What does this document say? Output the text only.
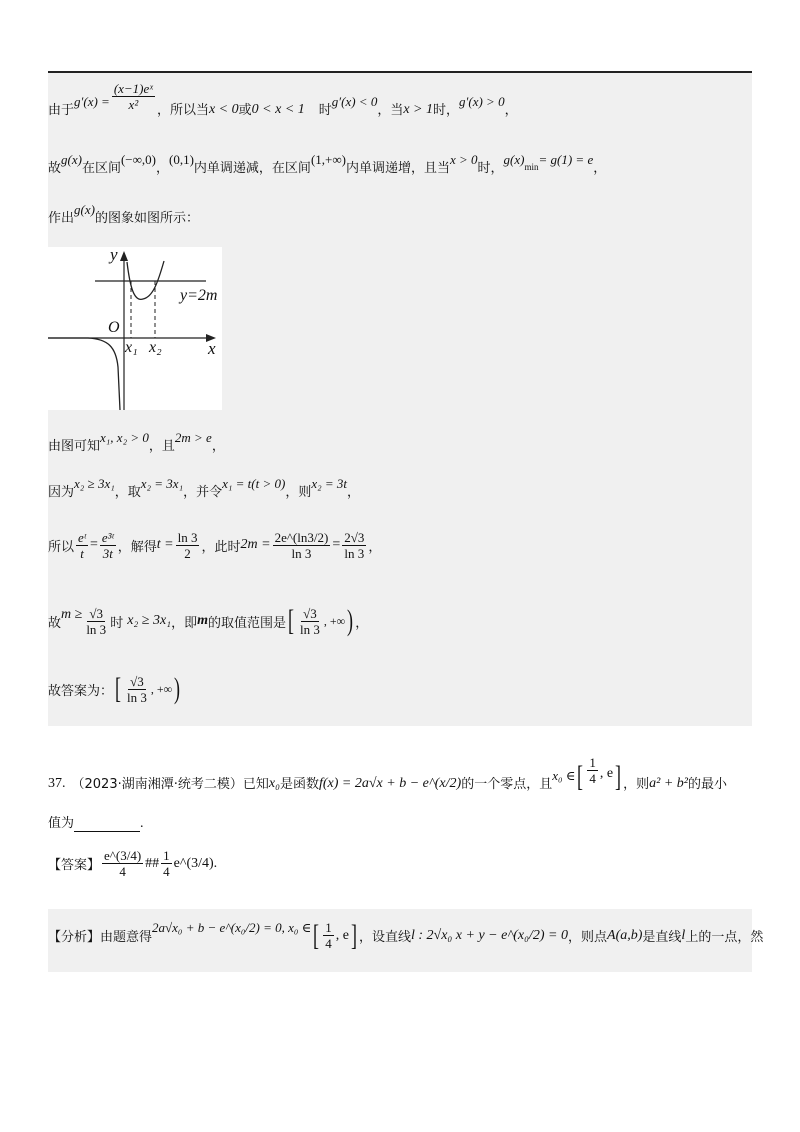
由于
$g'(x) = \frac{\text{(x−1)eˣ}}{\text{x²}}$ ，所以当 x < 0 或 0 < x < 1 时
g′(x) < 0
，当 x > 1 时，
g′(x) > 0
，
故
g(x)
在区间
(−∞,0)
，
(0,1)
内单调递减，在区间
(1,+∞)
内单调递增，且当
x > 0
时，
g(x) min = g(1) = e
，
作出
g(x)
的图象如图所示：
y
x
O
x₁ x₂
y=2m
由图可知
x₁, x₂ > 0
，且
2m > e
，
因为
x₂ ≥ 3x₁
，取
x₂ = 3x₁
，并令
x₁ = t(t > 0)
，则
x₂ = 3t
，
所以 $\frac{\text{eᵗ}}{t} = \frac{\text{e³ᵗ}}{3t}$ ，解得 $t = \frac{\ln 3}{2}$ ，此时 $2m = \frac{2e\^{}(\ln 3/2)}{\ln 3} = \frac{2√3}{\ln 3}$ ，
故
$m \ge \frac{√3}{\ln 3}$ 时 x₂ ≥ 3x₁ ，即 m 的取值范围是 [ $\frac{√3}{\ln 3}$ , +∞ ) ，
故答案为： [ $\frac{√3}{\ln 3}$ , +∞ )
37. （2023·湖南湘潭·统考二模） 已知 x₀ 是函数 f(x) = 2a√x + b − e^(x/2) 的一个零点，且
x₀ ∈ [ $\frac{1}{4}$ , e ] ，则 a² + b² 的最小
值为	.
【答案】 $\frac{e\^{}(3/4)}{4}$ ## $\frac{1}{4}$ e^(3/4) .
【分析】 由题意得
2a√x₀ + b − e^(x₀/2) = 0, x₀ ∈ [ $\frac{1}{4}$ , e ] ，设直线 l : 2√x₀ x + y − e^(x₀/2) = 0 ，则点 A(a,b) 是直线 l 上的一点，然
